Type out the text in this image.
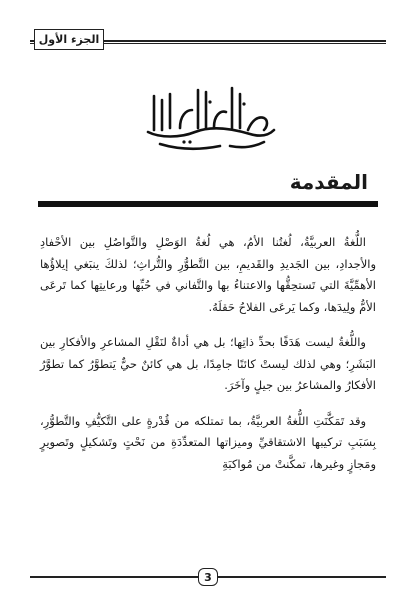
الجزء الأول
بسم الله الرحمن الرحيم
المقدمة

اللُّغةُ العربيَّةُ، لُغتُنا الأمُ، هي لُغةُ الوَصْلِ والتَّواصُلِ بين الأحْفادِ والأجدادِ، بين الجَديدِ والقَديمِ، بين التَّطوُّرِ والتُّراثِ؛ لذلكَ ينبَغي إيلاؤُها الأهمِّيَّةَ التي تَستحِقُّها والاعتناءُ بها والتَّفاني في حُبِّها ورعايتِها كما تَرعَى الأمُّ ولِيدَها، وكما يَرعَى الفلاحُ حَقلَهُ.

واللُّغةُ ليست هَدَفًا بحدِّ ذاتِها؛ بل هي أداةٌ لنَقْلِ المشاعرِ والأفكارِ بين البَشَرِ؛ وهي لذلك ليستْ كائنًا جامِدًا، بل هي كائنٌ حيٌّ يَتطوَّرُ كما تطوَّرُ الأفكارُ والمشاعرُ بين جيلٍ وآخَرَ.

وقد تَمَكَّنَتِ اللُّغةُ العربيَّةُ، بما تمتلكه من قُدْرةٍ على التَّكيُّفِ والتَّطوُّرِ، بِسَبَبِ تركيبها الاشتقاقيِّ وميزاتها المتعدِّدَةِ من نَحْتٍ وتَشكيلٍ وتَصويرٍ ومَجازٍ وغيرها، تمكَّنتْ من مُواكبَةِ

3
